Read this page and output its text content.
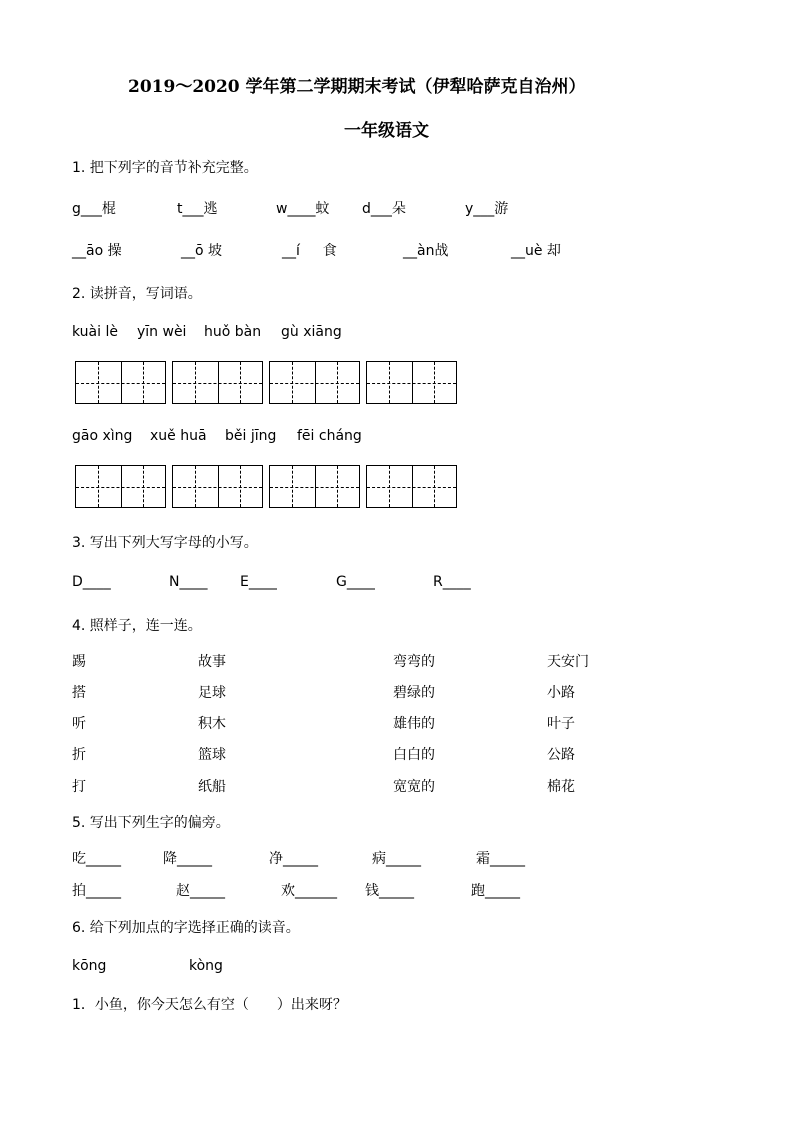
2019～2020 学年第二学期期末考试（伊犁哈萨克自治州）
一年级语文
1. 把下列字的音节补充完整。
g___棍	t___逃	w____蚊 d___朵	y___游
__āo 操	__ō 坡	__í 　 食	__àn战	__uè 却
2. 读拼音，写词语。
kuài lè yīn wèi huǒ bàn gù xiāng
gāo xìng xuě huā běi jīng fēi cháng
3. 写出下列大写字母的小写。
D____	N____ E____	G____	R____
4. 照样子，连一连。
踢	故事	弯弯的	天安门
搭	足球	碧绿的	小路
听	积木	雄伟的	叶子
折	篮球	白白的	公路
打	纸船	宽宽的	棉花
5. 写出下列生字的偏旁。
吃_____	降_____	净_____	病_____	霜_____
拍_____	赵_____	欢______ 钱_____	跑_____
6. 给下列加点的字选择正确的读音。
kōng	kòng
1．小鱼，你今天怎么有空（　　）出来呀？
